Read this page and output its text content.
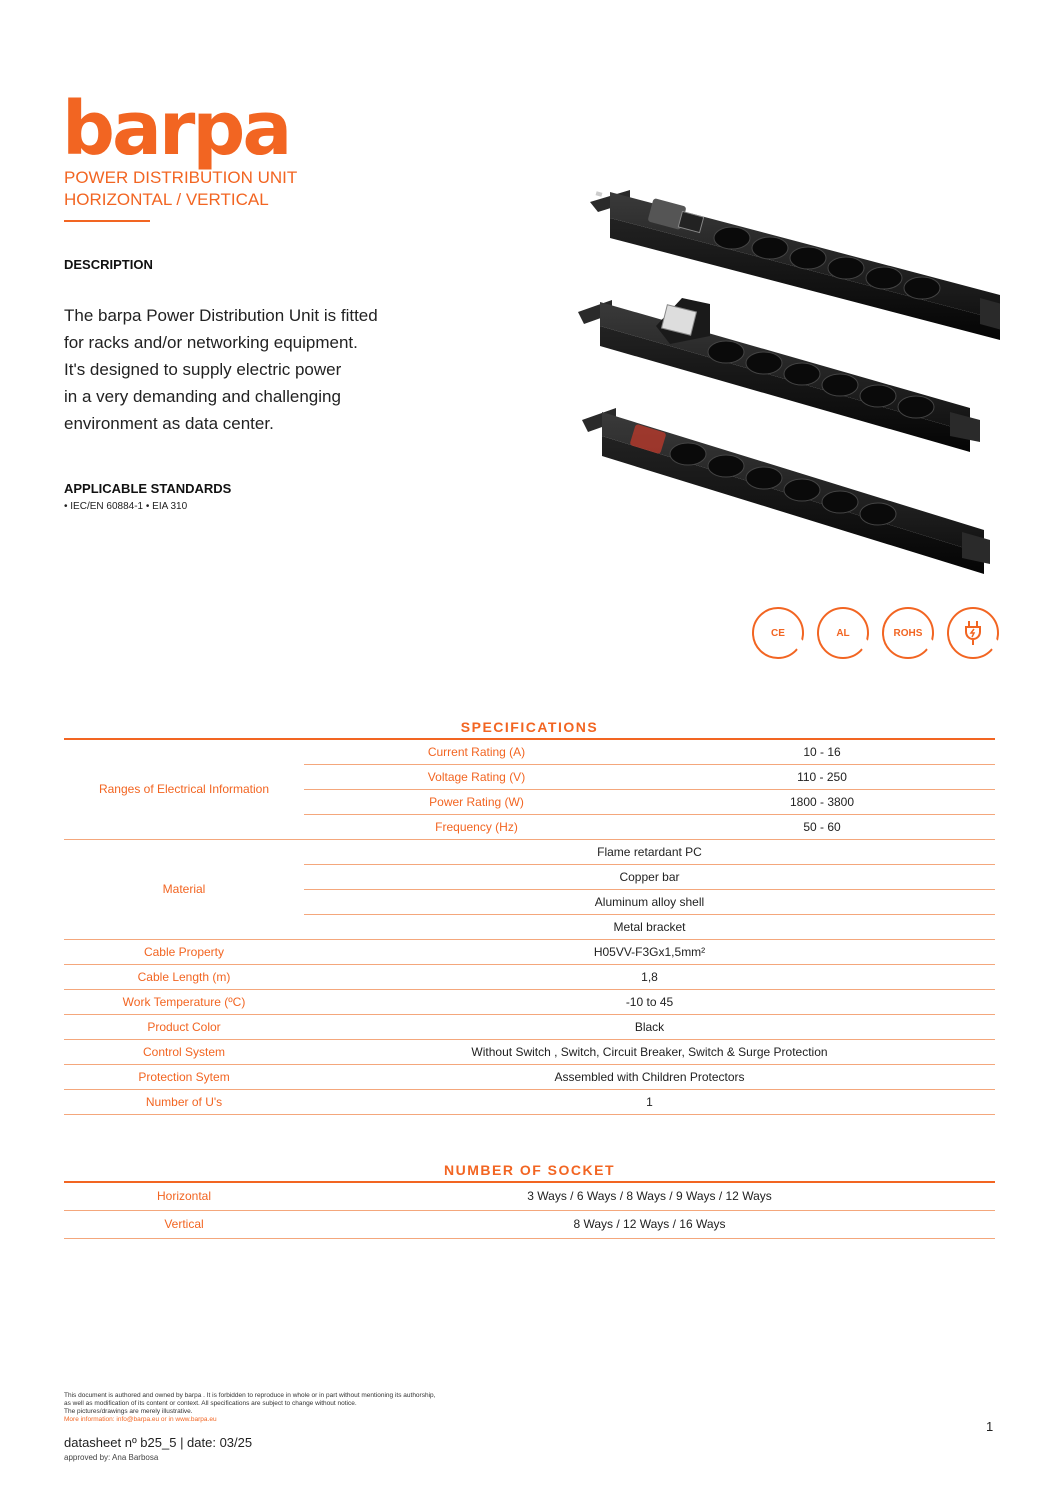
barpa
POWER DISTRIBUTION UNIT
HORIZONTAL / VERTICAL
DESCRIPTION
The barpa Power Distribution Unit is fitted
for racks and/or networking equipment.
It's designed to supply electric power
in a very demanding and challenging
environment as data center.
APPLICABLE STANDARDS
• IEC/EN 60884-1 • EIA 310
CE	AL	ROHS
SPECIFICATIONS
Ranges of Electrical Information	Current Rating (A)	10 - 16
	Voltage Rating (V)	110 - 250
	Power Rating (W)	1800 - 3800
	Frequency (Hz)	50 - 60
Material	Flame retardant PC	
	Copper bar	
	Aluminum alloy shell	
	Metal bracket	
Cable Property	H05VV-F3Gx1,5mm²	
Cable Length (m)	1,8	
Work Temperature (ºC)	-10 to 45	
Product Color	Black	
Control System	Without Switch , Switch, Circuit Breaker, Switch & Surge Protection	
Protection Sytem	Assembled with Children Protectors	
Number of U's	1	
NUMBER OF SOCKET
Horizontal	3 Ways / 6 Ways / 8 Ways / 9 Ways / 12 Ways
Vertical	8 Ways / 12 Ways / 16 Ways
This document is authored and owned by barpa . It is forbidden to reproduce in whole or in part without mentioning its authorship,
as well as modification of its content or context. All specifications are subject to change without notice.
The pictures/drawings are merely illustrative.
More information: info@barpa.eu or in www.barpa.eu
datasheet nº b25_5 | date: 03/25
approved by: Ana Barbosa
1
